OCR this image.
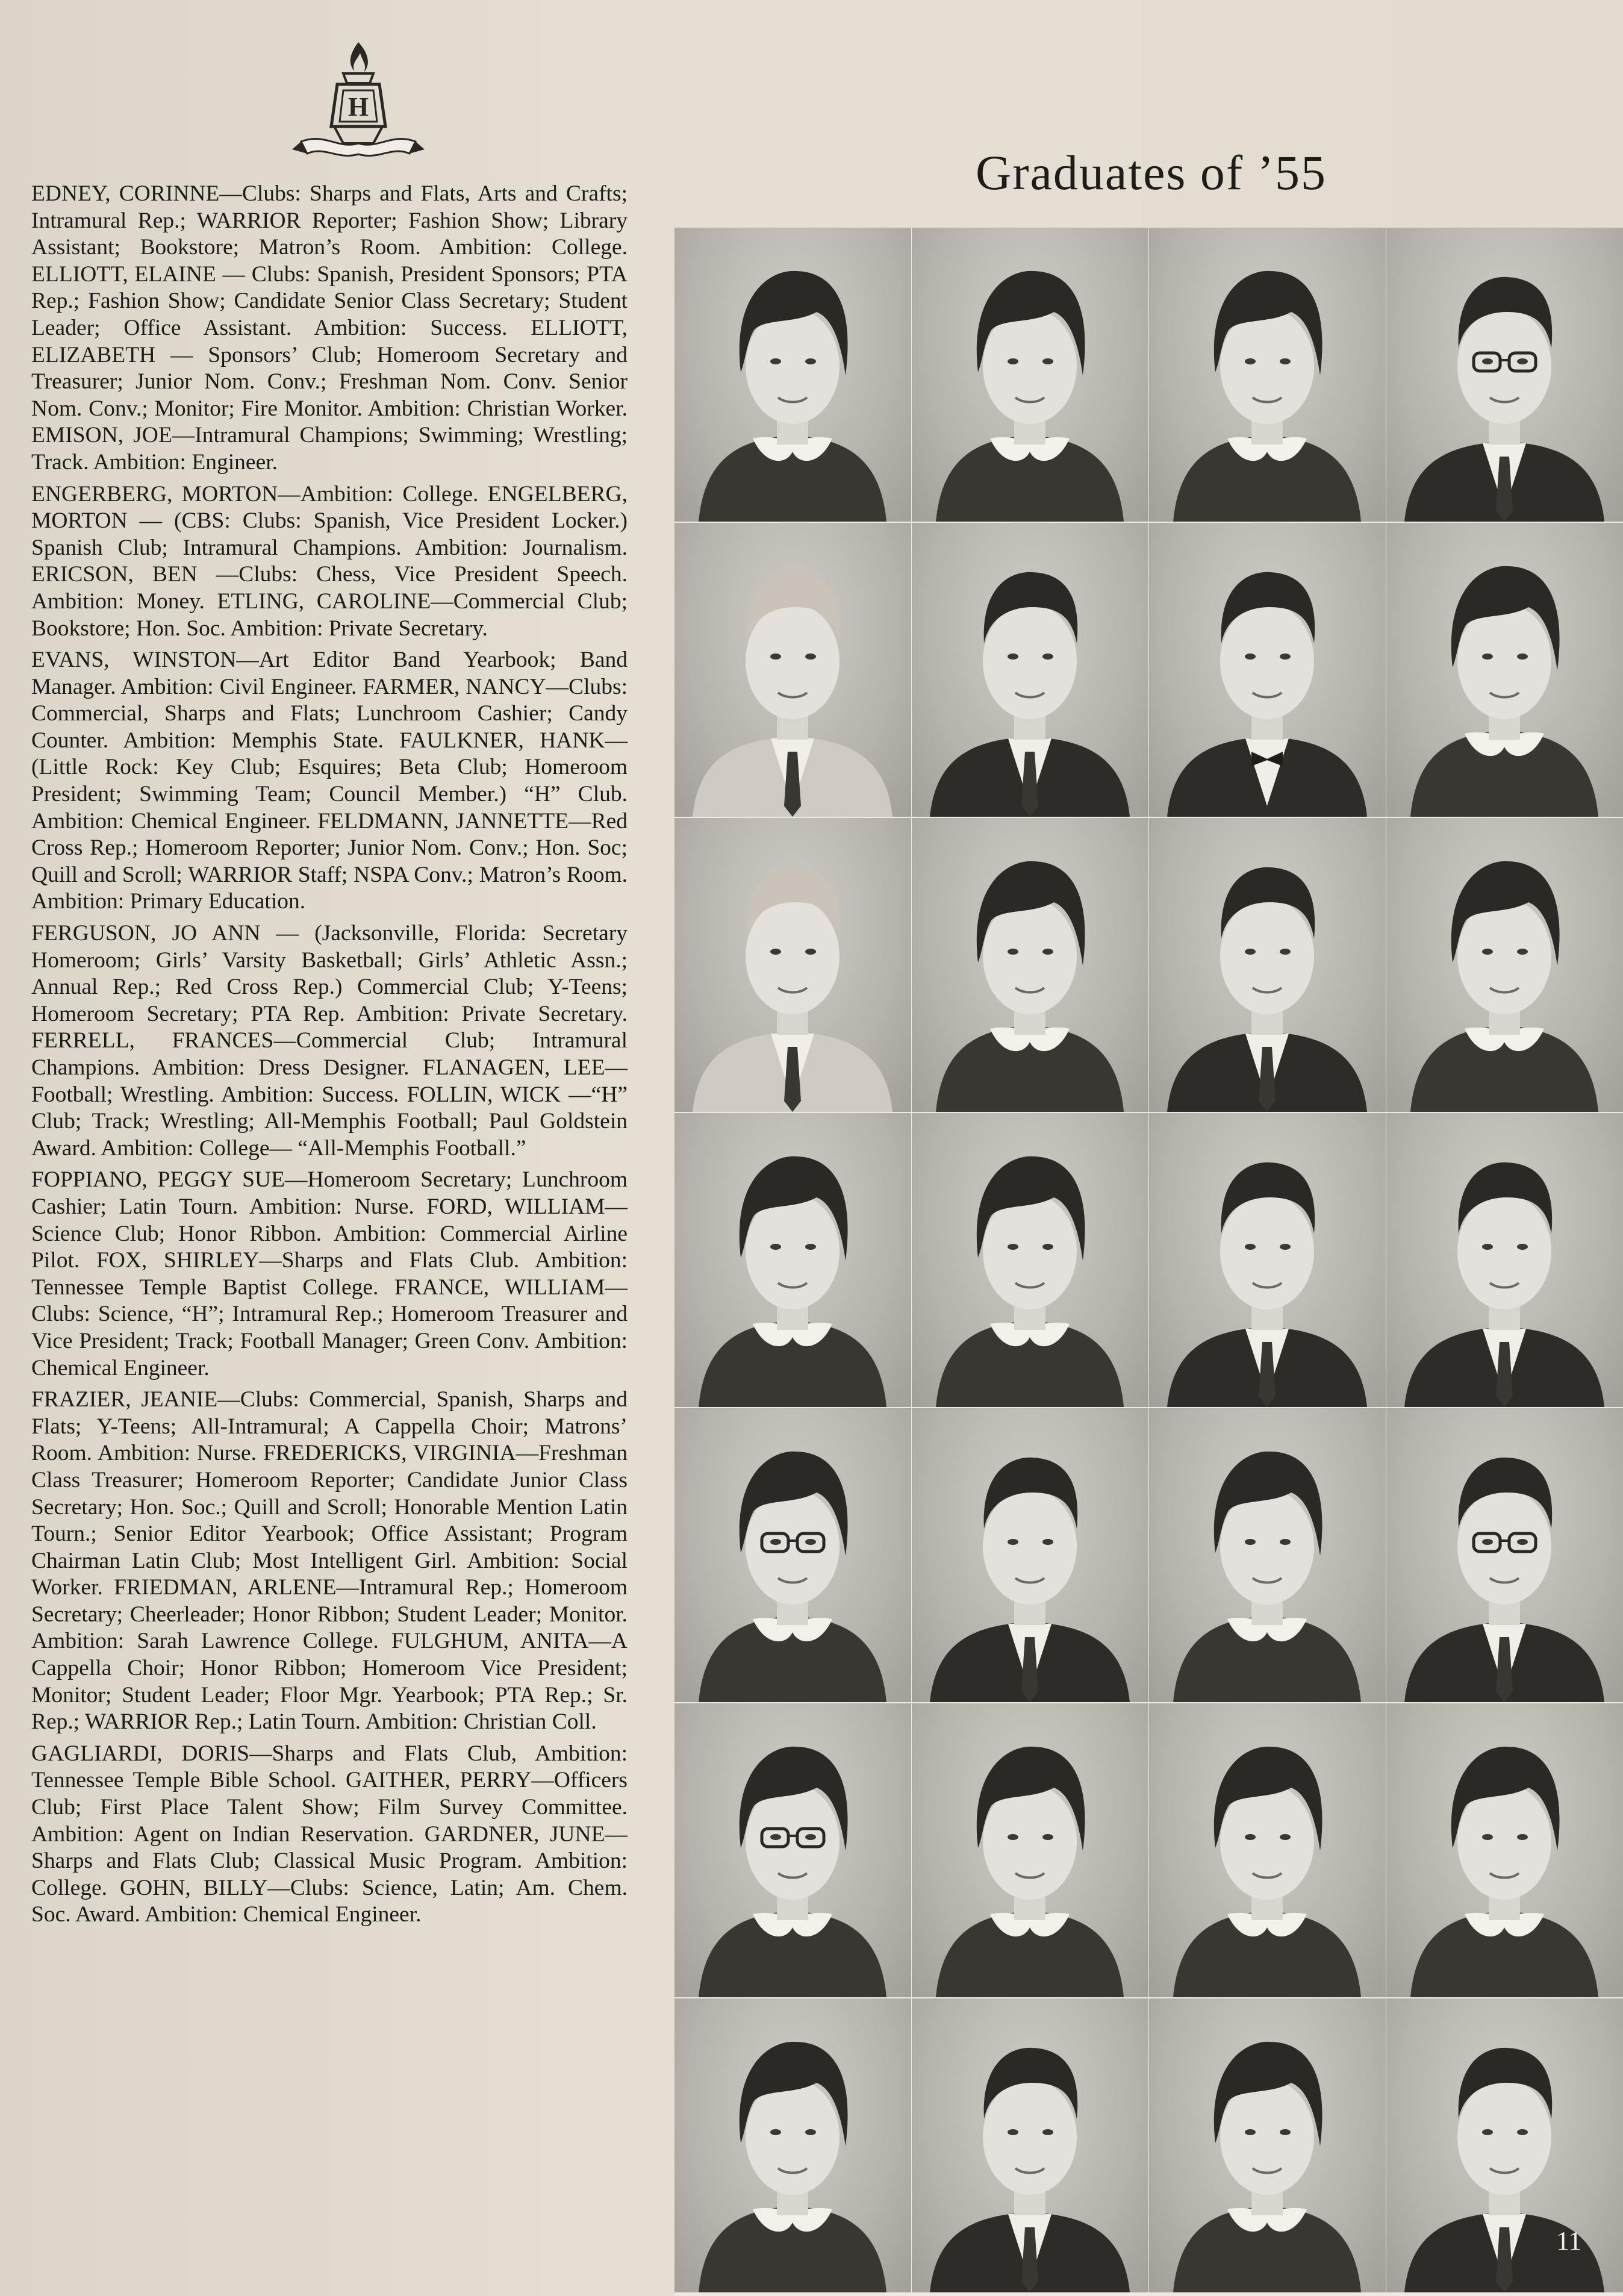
H
Graduates of ’55

EDNEY, CORINNE—Clubs: Sharps and Flats, Arts and Crafts; Intramural Rep.; WARRIOR Reporter; Fashion Show; Library Assistant; Bookstore; Matron’s Room. Ambition: College. ELLIOTT, ELAINE — Clubs: Spanish, President Sponsors; PTA Rep.; Fashion Show; Candidate Senior Class Secretary; Student Leader; Office Assistant. Ambition: Success. ELLIOTT, ELIZABETH — Sponsors’ Club; Homeroom Secretary and Treasurer; Junior Nom. Conv.; Freshman Nom. Conv. Senior Nom. Conv.; Monitor; Fire Monitor. Ambition: Christian Worker. EMISON, JOE—Intramural Champions; Swimming; Wrestling; Track. Ambition: Engineer.

ENGERBERG, MORTON—Ambition: College. ENGELBERG, MORTON — (CBS: Clubs: Spanish, Vice President Locker.) Spanish Club; Intramural Champions. Ambition: Journalism. ERICSON, BEN —Clubs: Chess, Vice President Speech. Ambition: Money. ETLING, CAROLINE—Commercial Club; Bookstore; Hon. Soc. Ambition: Private Secretary.

EVANS, WINSTON—Art Editor Band Yearbook; Band Manager. Ambition: Civil Engineer. FARMER, NANCY—Clubs: Commercial, Sharps and Flats; Lunchroom Cashier; Candy Counter. Ambition: Memphis State. FAULKNER, HANK—(Little Rock: Key Club; Esquires; Beta Club; Homeroom President; Swimming Team; Council Member.) “H” Club. Ambition: Chemical Engineer. FELDMANN, JANNETTE—Red Cross Rep.; Homeroom Reporter; Junior Nom. Conv.; Hon. Soc; Quill and Scroll; WARRIOR Staff; NSPA Conv.; Matron’s Room. Ambition: Primary Education.

FERGUSON, JO ANN — (Jacksonville, Florida: Secretary Homeroom; Girls’ Varsity Basketball; Girls’ Athletic Assn.; Annual Rep.; Red Cross Rep.) Commercial Club; Y-Teens; Homeroom Secretary; PTA Rep. Ambition: Private Secretary. FERRELL, FRANCES—Commercial Club; Intramural Champions. Ambition: Dress Designer. FLANAGEN, LEE—Football; Wrestling. Ambition: Success. FOLLIN, WICK —“H” Club; Track; Wrestling; All-Memphis Football; Paul Goldstein Award. Ambition: College— “All-Memphis Football.”

FOPPIANO, PEGGY SUE—Homeroom Secretary; Lunchroom Cashier; Latin Tourn. Ambition: Nurse. FORD, WILLIAM—Science Club; Honor Ribbon. Ambition: Commercial Airline Pilot. FOX, SHIRLEY—Sharps and Flats Club. Ambition: Tennessee Temple Baptist College. FRANCE, WILLIAM— Clubs: Science, “H”; Intramural Rep.; Homeroom Treasurer and Vice President; Track; Football Manager; Green Conv. Ambition: Chemical Engineer.

FRAZIER, JEANIE—Clubs: Commercial, Spanish, Sharps and Flats; Y-Teens; All-Intramural; A Cappella Choir; Matrons’ Room. Ambition: Nurse. FREDERICKS, VIRGINIA—Freshman Class Treasurer; Homeroom Reporter; Candidate Junior Class Secretary; Hon. Soc.; Quill and Scroll; Honorable Mention Latin Tourn.; Senior Editor Yearbook; Office Assistant; Program Chairman Latin Club; Most Intelligent Girl. Ambition: Social Worker. FRIEDMAN, ARLENE—Intramural Rep.; Homeroom Secretary; Cheerleader; Honor Ribbon; Student Leader; Monitor. Ambition: Sarah Lawrence College. FULGHUM, ANITA—A Cappella Choir; Honor Ribbon; Homeroom Vice President; Monitor; Student Leader; Floor Mgr. Yearbook; PTA Rep.; Sr. Rep.; WARRIOR Rep.; Latin Tourn. Ambition: Christian Coll.

GAGLIARDI, DORIS—Sharps and Flats Club, Ambition: Tennessee Temple Bible School. GAITHER, PERRY—Officers Club; First Place Talent Show; Film Survey Committee. Ambition: Agent on Indian Reservation. GARDNER, JUNE—Sharps and Flats Club; Classical Music Program. Ambition: College. GOHN, BILLY—Clubs: Science, Latin; Am. Chem. Soc. Award. Ambition: Chemical Engineer.

11
